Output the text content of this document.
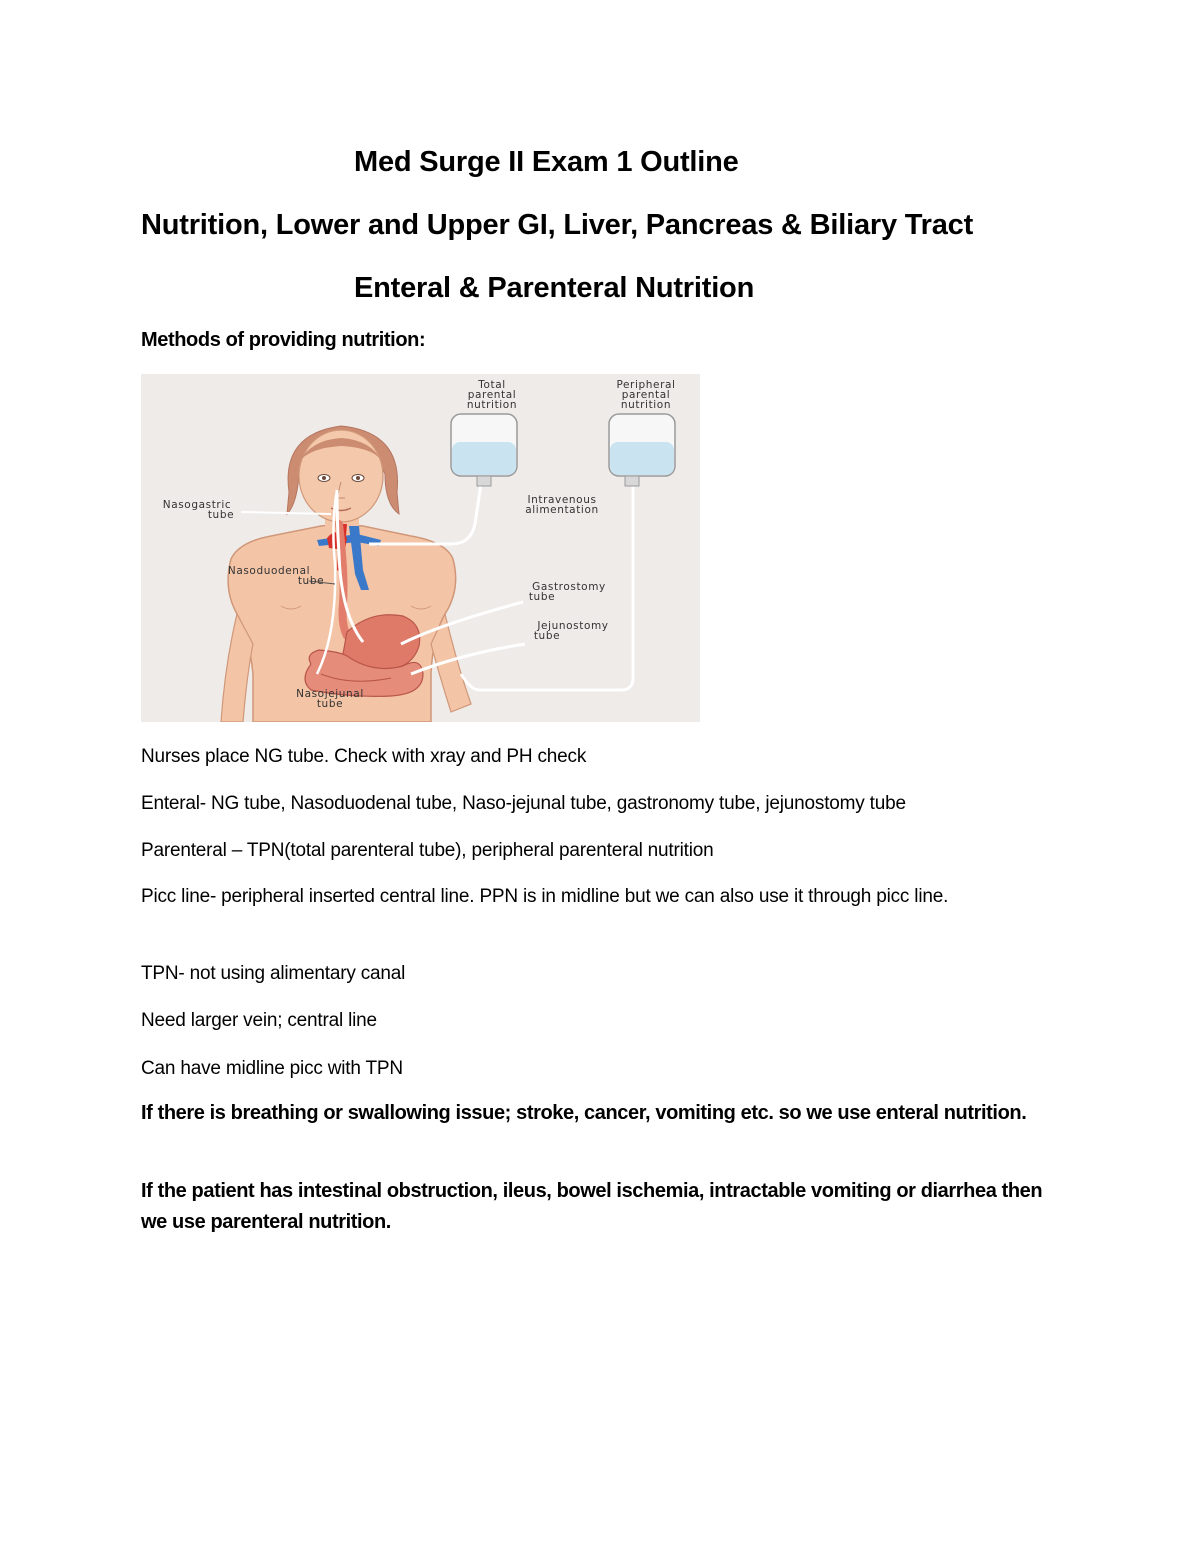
Med Surge II Exam 1 Outline
Nutrition, Lower and Upper GI, Liver, Pancreas & Biliary Tract
Enteral & Parenteral Nutrition
Methods of providing nutrition:
Total
parental
nutrition
Peripheral
parental
nutrition
Intravenous
alimentation
Nasogastric
tube
Nasoduodenal
tube	Gastrostomy
tube
Jejunostomy
tube
Nasojejunal
tube
Nurses place NG tube. Check with xray and PH check
Enteral- NG tube, Nasoduodenal tube, Naso-jejunal tube, gastronomy tube, jejunostomy tube
Parenteral – TPN(total parenteral tube), peripheral parenteral nutrition
Picc line- peripheral inserted central line. PPN is in midline but we can also use it through picc line.
TPN- not using alimentary canal
Need larger vein; central line
Can have midline picc with TPN
If there is breathing or swallowing issue; stroke, cancer, vomiting etc. so we use enteral nutrition.
If the patient has intestinal obstruction, ileus, bowel ischemia, intractable vomiting or diarrhea then we use parenteral nutrition.
